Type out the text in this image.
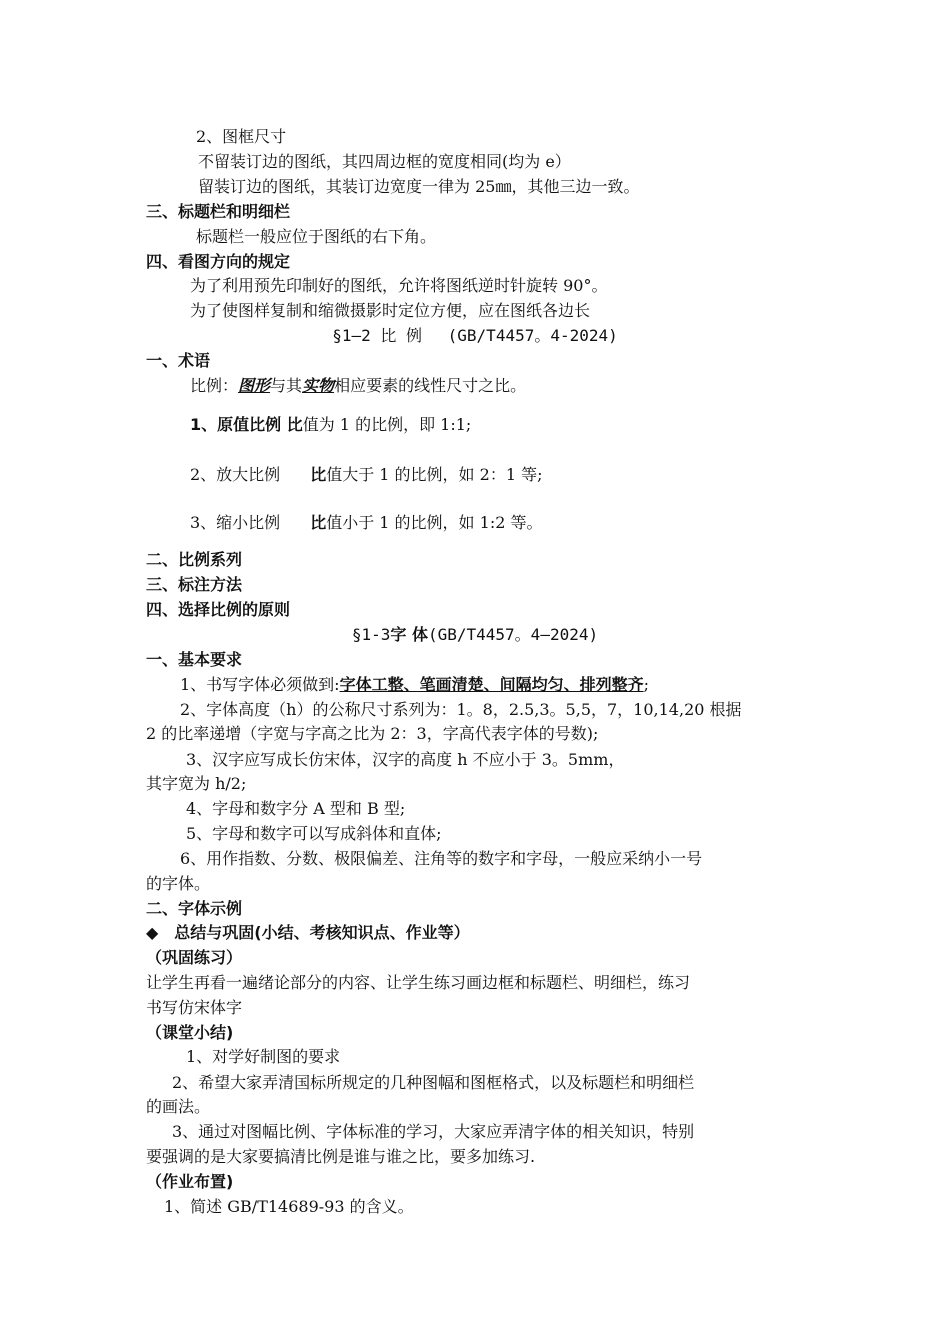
2、图框尺寸
不留装订边的图纸，其四周边框的宽度相同(均为 e）
留装订边的图纸，其装订边宽度一律为 25㎜，其他三边一致。
三、标题栏和明细栏
标题栏一般应位于图纸的右下角。
四、看图方向的规定
为了利用预先印制好的图纸，允许将图纸逆时针旋转 90°。
为了使图样复制和缩微摄影时定位方便，应在图纸各边长
§1—2 比 例　 (GB/T4457。4-2024)
一、术语
比例：图形与其实物相应要素的线性尺寸之比。
1、原值比例 比值为 1 的比例，即 1:1;
2、放大比例 比值大于 1 的比例，如 2：1 等;
3、缩小比例 比值小于 1 的比例，如 1:2 等。
二、比例系列
三、标注方法
四、选择比例的原则
§1-3字 体(GB/T4457。4—2024)
一、基本要求
1、书写字体必须做到:字体工整、笔画清楚、间隔均匀、排列整齐;
2、字体高度（h）的公称尺寸系列为：1。8，2.5,3。5,5，7，10,14,20 根据
2 的比率递增（字宽与字高之比为 2：3，字高代表字体的号数);
3、汉字应写成长仿宋体，汉字的高度 h 不应小于 3。5mm，
其字宽为 h/2;
4、字母和数字分 A 型和 B 型;
5、字母和数字可以写成斜体和直体;
6、用作指数、分数、极限偏差、注角等的数字和字母，一般应采纳小一号
的字体。
二、字体示例
◆　总结与巩固(小结、考核知识点、作业等）
（巩固练习）
让学生再看一遍绪论部分的内容、让学生练习画边框和标题栏、明细栏，练习
书写仿宋体字
（课堂小结)
1、对学好制图的要求
2、希望大家弄清国标所规定的几种图幅和图框格式，以及标题栏和明细栏
的画法。
3、通过对图幅比例、字体标准的学习，大家应弄清字体的相关知识，特别
要强调的是大家要搞清比例是谁与谁之比，要多加练习.
（作业布置)
1、简述 GB/T14689-93 的含义。
